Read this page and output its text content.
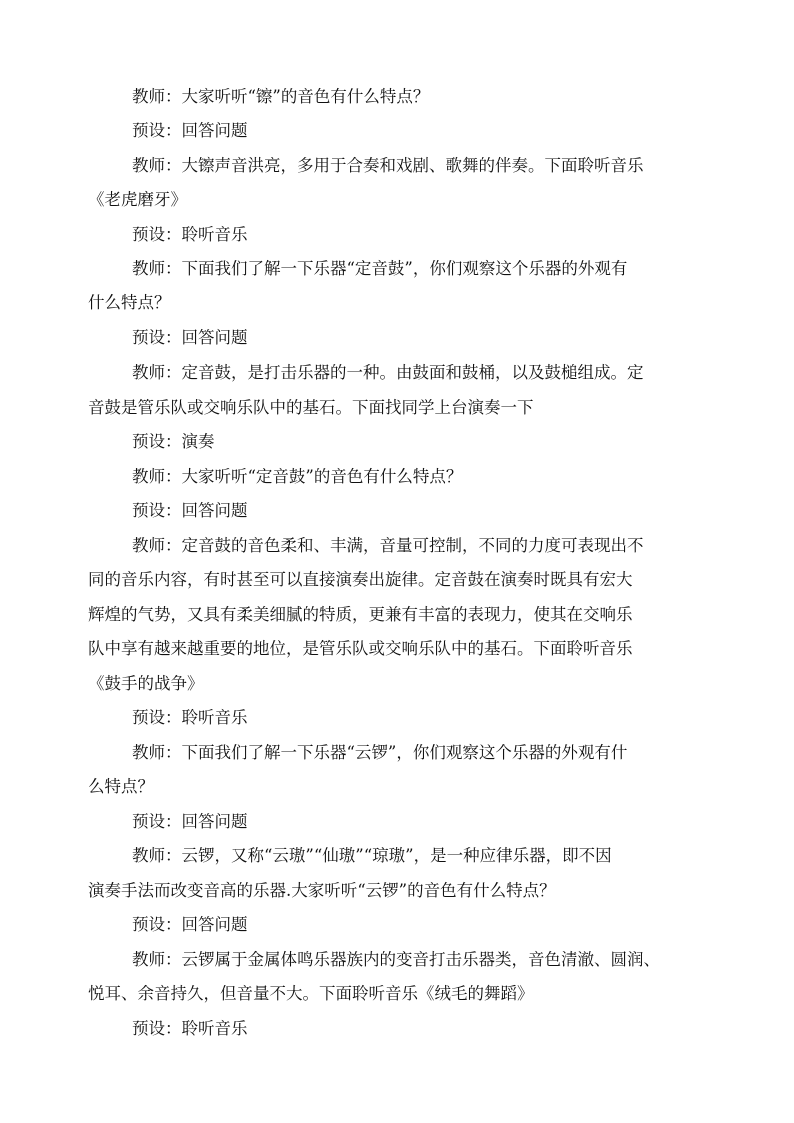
教师：大家听听“镲”的音色有什么特点？
预设：回答问题
教师：大镲声音洪亮，多用于合奏和戏剧、歌舞的伴奏。下面聆听音乐
《老虎磨牙》
预设：聆听音乐
教师：下面我们了解一下乐器“定音鼓”，你们观察这个乐器的外观有
什么特点？
预设：回答问题
教师：定音鼓，是打击乐器的一种。由鼓面和鼓桶，以及鼓槌组成。定
音鼓是管乐队或交响乐队中的基石。下面找同学上台演奏一下
预设：演奏
教师：大家听听“定音鼓”的音色有什么特点？
预设：回答问题
教师：定音鼓的音色柔和、丰满，音量可控制，不同的力度可表现出不
同的音乐内容，有时甚至可以直接演奏出旋律。定音鼓在演奏时既具有宏大
辉煌的气势，又具有柔美细腻的特质，更兼有丰富的表现力，使其在交响乐
队中享有越来越重要的地位，是管乐队或交响乐队中的基石。下面聆听音乐
《鼓手的战争》
预设：聆听音乐
教师：下面我们了解一下乐器“云锣”，你们观察这个乐器的外观有什
么特点？
预设：回答问题
教师：云锣，又称“云璈”“仙璈”“琼璈”，是一种应律乐器，即不因
演奏手法而改变音高的乐器.大家听听“云锣”的音色有什么特点？
预设：回答问题
教师：云锣属于金属体鸣乐器族内的变音打击乐器类，音色清澈、圆润、
悦耳、余音持久，但音量不大。下面聆听音乐《绒毛的舞蹈》
预设：聆听音乐
